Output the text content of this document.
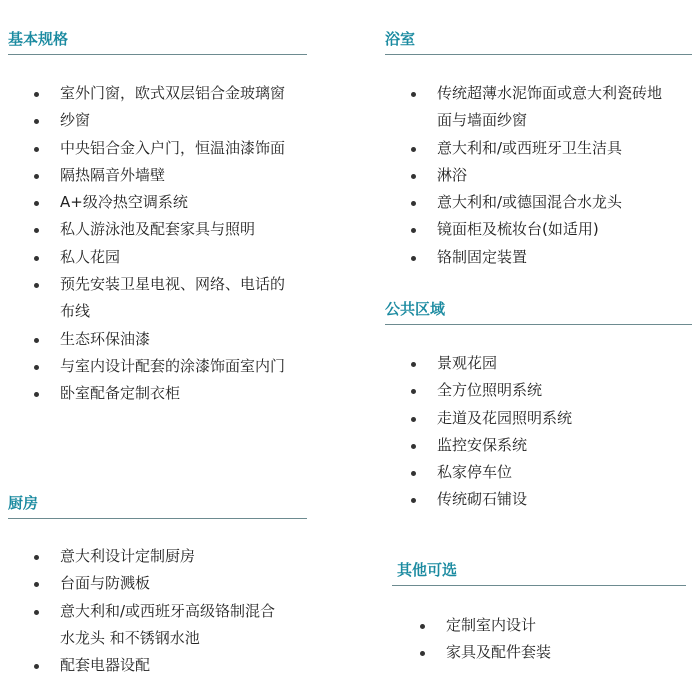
基本规格
室外门窗，欧式双层铝合金玻璃窗
纱窗
中央铝合金入户门，恒温油漆饰面
隔热隔音外墙壁
A+级冷热空调系统
私人游泳池及配套家具与照明
私人花园
预先安装卫星电视、网络、电话的
布线
生态环保油漆
与室内设计配套的涂漆饰面室内门
卧室配备定制衣柜
厨房
意大利设计定制厨房
台面与防溅板
意大利和/或西班牙高级铬制混合
水龙头 和不锈钢水池
配套电器设配
浴室
传统超薄水泥饰面或意大利瓷砖地
面与墙面纱窗
意大利和/或西班牙卫生洁具
淋浴
意大利和/或德国混合水龙头
镜面柜及梳妆台(如适用)
铬制固定装置
公共区域
景观花园
全方位照明系统
走道及花园照明系统
监控安保系统
私家停车位
传统砌石铺设
其他可选
定制室内设计
家具及配件套装
